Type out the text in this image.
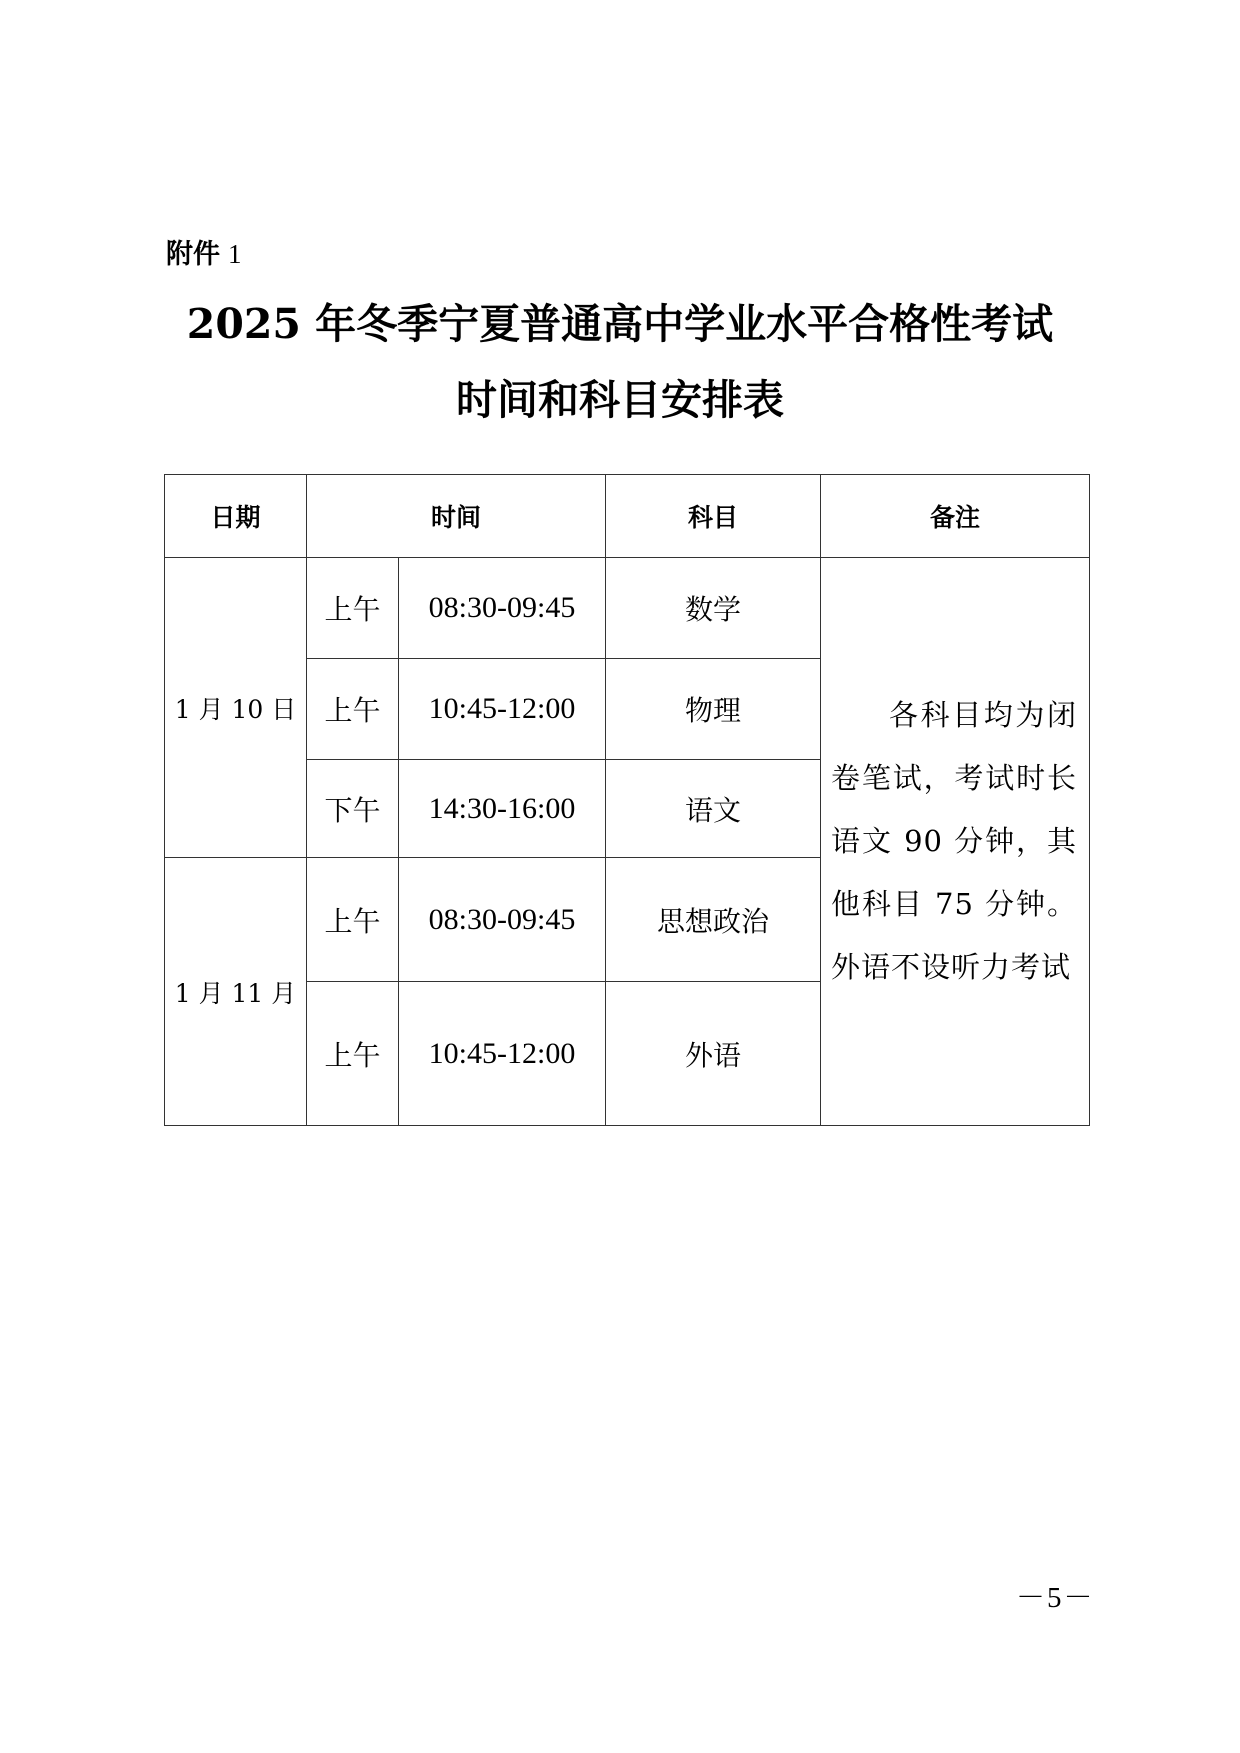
附件 1
2025 年冬季宁夏普通高中学业水平合格性考试
时间和科目安排表
日期	时间		科目	备注
1 月 10 日	上午	08:30-09:45	数学	各科目均为闭卷笔试，考试时长语文 90 分钟，其他科目 75 分钟。外语不设听力考试
	上午	10:45-12:00	物理	
	下午	14:30-16:00	语文	
1 月 11 月	上午	08:30-09:45	思想政治	
	上午	10:45-12:00	外语	
－5－
